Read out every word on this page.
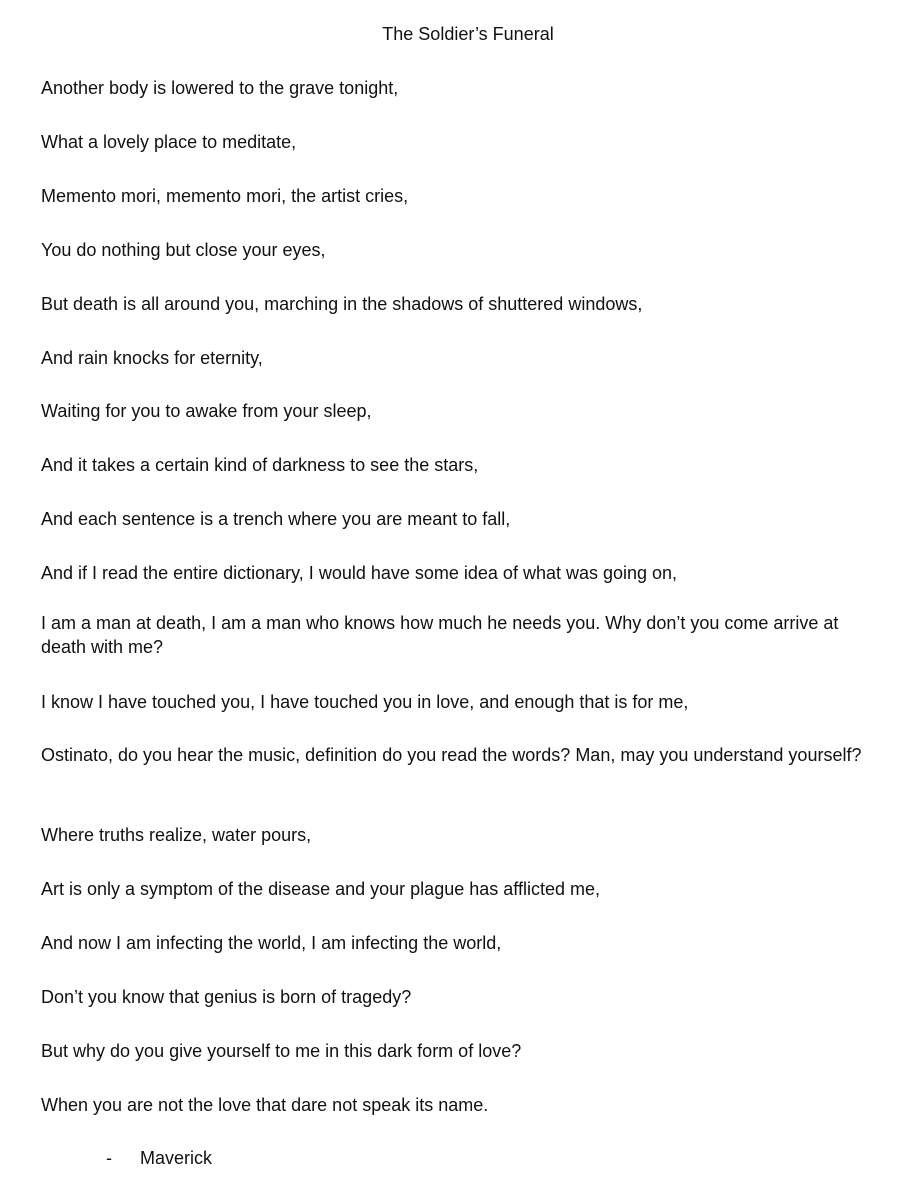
The Soldier’s Funeral
Another body is lowered to the grave tonight,
What a lovely place to meditate,
Memento mori, memento mori, the artist cries,
You do nothing but close your eyes,
But death is all around you, marching in the shadows of shuttered windows,
And rain knocks for eternity,
Waiting for you to awake from your sleep,
And it takes a certain kind of darkness to see the stars,
And each sentence is a trench where you are meant to fall,
And if I read the entire dictionary, I would have some idea of what was going on,
I am a man at death, I am a man who knows how much he needs you. Why don’t you come arrive at death with me?
I know I have touched you, I have touched you in love, and enough that is for me,
Ostinato, do you hear the music, definition do you read the words? Man, may you understand yourself?
Where truths realize, water pours,
Art is only a symptom of the disease and your plague has afflicted me,
And now I am infecting the world, I am infecting the world,
Don’t you know that genius is born of tragedy?
But why do you give yourself to me in this dark form of love?
When you are not the love that dare not speak its name.
- Maverick
